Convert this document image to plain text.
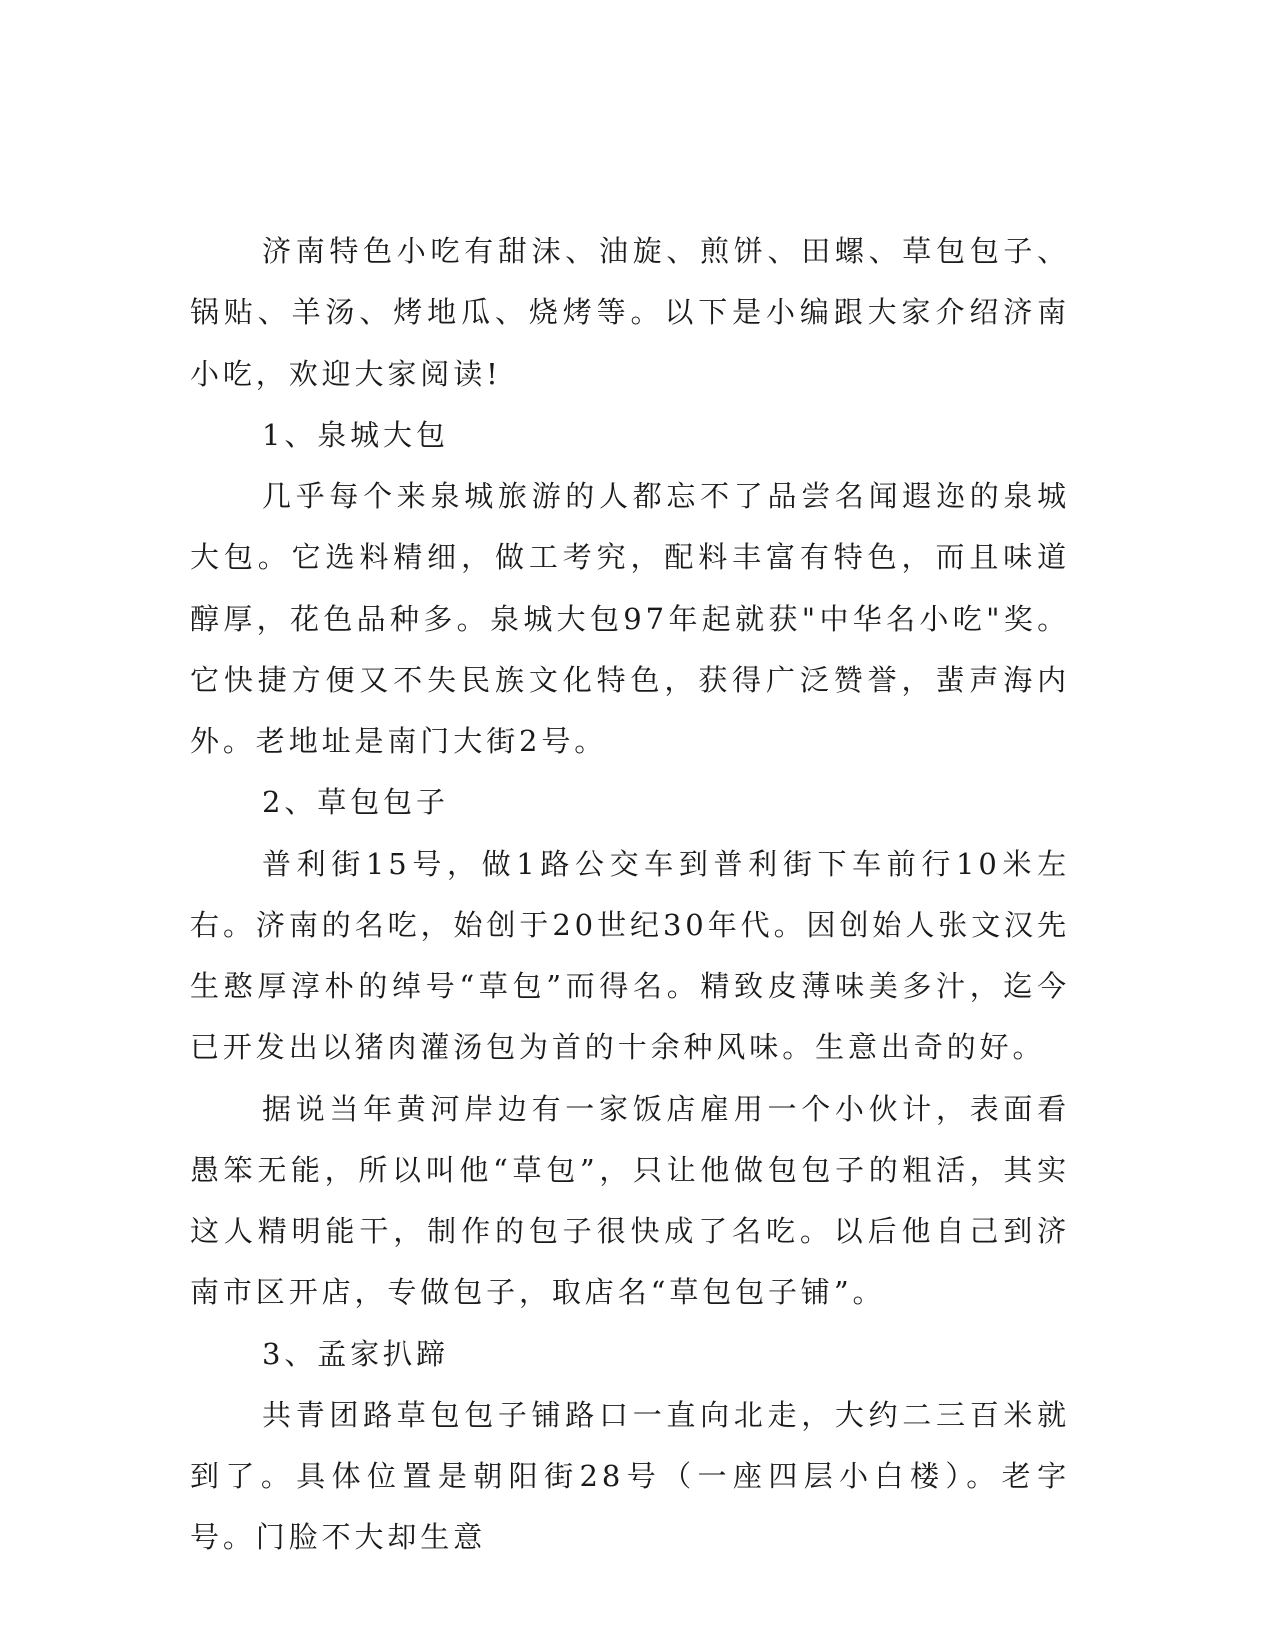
济南特色小吃有甜沫、油旋、煎饼、田螺、草包包子、锅贴、羊汤、烤地瓜、烧烤等。以下是小编跟大家介绍济南小吃，欢迎大家阅读!

1、泉城大包

几乎每个来泉城旅游的人都忘不了品尝名闻遐迩的泉城大包。它选料精细，做工考究，配料丰富有特色，而且味道醇厚，花色品种多。泉城大包97年起就获"中华名小吃"奖。它快捷方便又不失民族文化特色，获得广泛赞誉，蜚声海内外。老地址是南门大街2号。

2、草包包子

普利街15号，做1路公交车到普利街下车前行10米左右。济南的名吃，始创于20世纪30年代。因创始人张文汉先生憨厚淳朴的绰号“草包”而得名。精致皮薄味美多汁，迄今已开发出以猪肉灌汤包为首的十余种风味。生意出奇的好。

据说当年黄河岸边有一家饭店雇用一个小伙计，表面看愚笨无能，所以叫他“草包”，只让他做包包子的粗活，其实这人精明能干，制作的包子很快成了名吃。以后他自己到济南市区开店，专做包子，取店名“草包包子铺”。

3、孟家扒蹄

共青团路草包包子铺路口一直向北走，大约二三百米就到了。具体位置是朝阳街28号（一座四层小白楼）。老字号。门脸不大却生意
